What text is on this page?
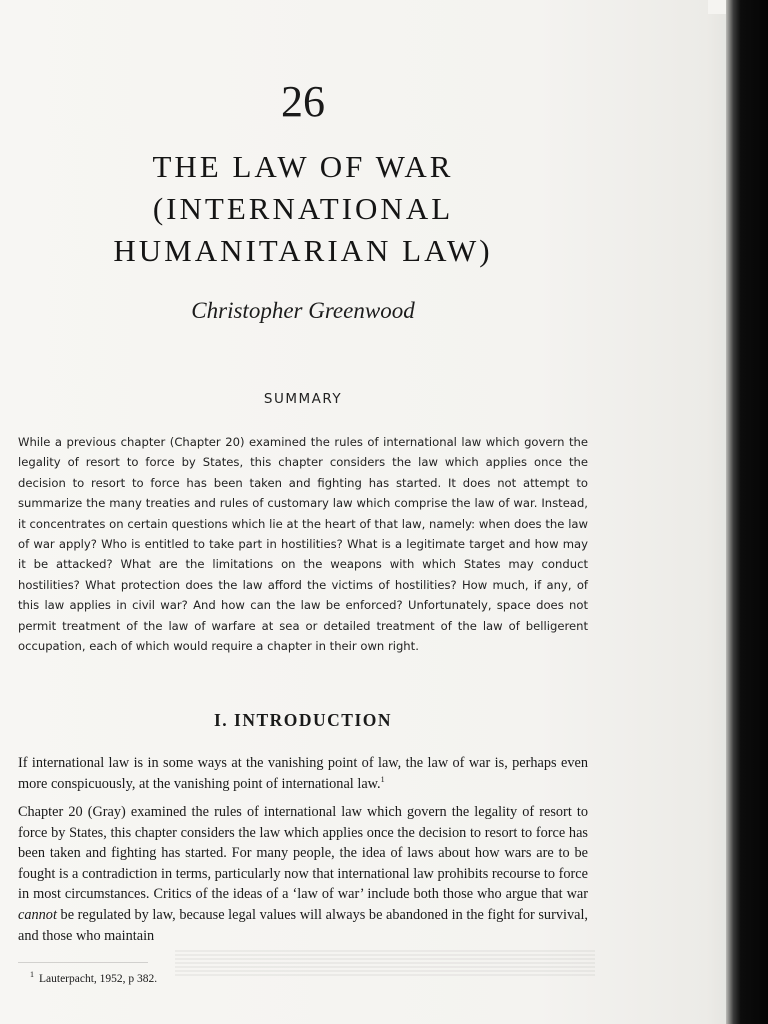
26
THE LAW OF WAR
(INTERNATIONAL
HUMANITARIAN LAW)
Christopher Greenwood
SUMMARY

While a previous chapter (Chapter 20) examined the rules of international law which govern the legality of resort to force by States, this chapter considers the law which applies once the decision to resort to force has been taken and fighting has started. It does not attempt to summarize the many treaties and rules of customary law which comprise the law of war. Instead, it concentrates on certain questions which lie at the heart of that law, namely: when does the law of war apply? Who is entitled to take part in hostilities? What is a legitimate target and how may it be attacked? What are the limitations on the weapons with which States may conduct hostilities? What protection does the law afford the victims of hostilities? How much, if any, of this law applies in civil war? And how can the law be enforced? Unfortunately, space does not permit treatment of the law of warfare at sea or detailed treatment of the law of belligerent occupation, each of which would require a chapter in their own right.

I. INTRODUCTION

If international law is in some ways at the vanishing point of law, the law of war is, perhaps even more conspicuously, at the vanishing point of international law.$^1$

Chapter 20 (Gray) examined the rules of international law which govern the legality of resort to force by States, this chapter considers the law which applies once the decision to resort to force has been taken and fighting has started. For many people, the idea of laws about how wars are to be fought is a contradiction in terms, particularly now that international law prohibits recourse to force in most circumstances. Critics of the ideas of a ‘law of war’ include both those who argue that war cannot be regulated by law, because legal values will always be abandoned in the fight for survival, and those who maintain

$^1$ Lauterpacht, 1952, p 382.
